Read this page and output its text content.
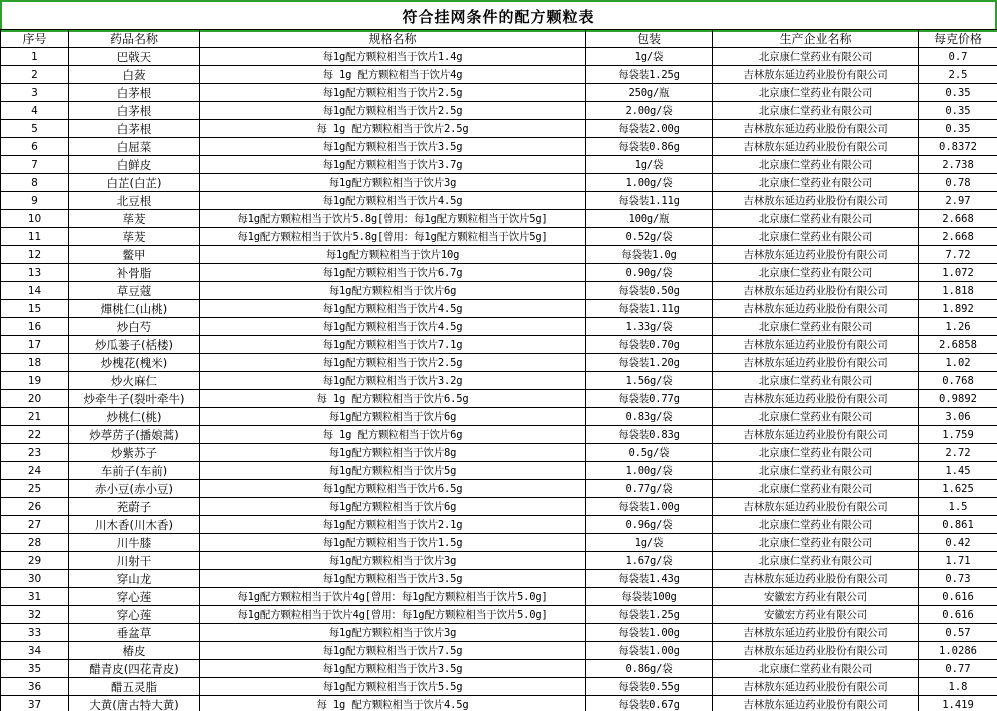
符合挂网条件的配方颗粒表
序号	药品名称	规格名称	包装	生产企业名称	每克价格
1	巴戟天	每1g配方颗粒相当于饮片1.4g	1g/袋	北京康仁堂药业有限公司	0.7
2	白蔹	每 1g 配方颗粒相当于饮片4g	每袋装1.25g	吉林敖东延边药业股份有限公司	2.5
3	白茅根	每1g配方颗粒相当于饮片2.5g	250g/瓶	北京康仁堂药业有限公司	0.35
4	白茅根	每1g配方颗粒相当于饮片2.5g	2.00g/袋	北京康仁堂药业有限公司	0.35
5	白茅根	每 1g 配方颗粒相当于饮片2.5g	每袋装2.00g	吉林敖东延边药业股份有限公司	0.35
6	白屈菜	每1g配方颗粒相当于饮片3.5g	每袋装0.86g	吉林敖东延边药业股份有限公司	0.8372
7	白鲜皮	每1g配方颗粒相当于饮片3.7g	1g/袋	北京康仁堂药业有限公司	2.738
8	白芷(白芷)	每1g配方颗粒相当于饮片3g	1.00g/袋	北京康仁堂药业有限公司	0.78
9	北豆根	每1g配方颗粒相当于饮片4.5g	每袋装1.11g	吉林敖东延边药业股份有限公司	2.97
10	荜茇	每1g配方颗粒相当于饮片5.8g[曾用：每1g配方颗粒相当于饮片5g]	100g/瓶	北京康仁堂药业有限公司	2.668
11	荜茇	每1g配方颗粒相当于饮片5.8g[曾用：每1g配方颗粒相当于饮片5g]	0.52g/袋	北京康仁堂药业有限公司	2.668
12	鳖甲	每1g配方颗粒相当于饮片10g	每袋装1.0g	吉林敖东延边药业股份有限公司	7.72
13	补骨脂	每1g配方颗粒相当于饮片6.7g	0.90g/袋	北京康仁堂药业有限公司	1.072
14	草豆蔻	每1g配方颗粒相当于饮片6g	每袋装0.50g	吉林敖东延边药业股份有限公司	1.818
15	燀桃仁(山桃)	每1g配方颗粒相当于饮片4.5g	每袋装1.11g	吉林敖东延边药业股份有限公司	1.892
16	炒白芍	每1g配方颗粒相当于饮片4.5g	1.33g/袋	北京康仁堂药业有限公司	1.26
17	炒瓜蒌子(栝楼)	每1g配方颗粒相当于饮片7.1g	每袋装0.70g	吉林敖东延边药业股份有限公司	2.6858
18	炒槐花(槐米)	每1g配方颗粒相当于饮片2.5g	每袋装1.20g	吉林敖东延边药业股份有限公司	1.02
19	炒火麻仁	每1g配方颗粒相当于饮片3.2g	1.56g/袋	北京康仁堂药业有限公司	0.768
20	炒牵牛子(裂叶牵牛)	每 1g 配方颗粒相当于饮片6.5g	每袋装0.77g	吉林敖东延边药业股份有限公司	0.9892
21	炒桃仁(桃)	每1g配方颗粒相当于饮片6g	0.83g/袋	北京康仁堂药业有限公司	3.06
22	炒葶苈子(播娘蒿)	每 1g 配方颗粒相当于饮片6g	每袋装0.83g	吉林敖东延边药业股份有限公司	1.759
23	炒紫苏子	每1g配方颗粒相当于饮片8g	0.5g/袋	北京康仁堂药业有限公司	2.72
24	车前子(车前)	每1g配方颗粒相当于饮片5g	1.00g/袋	北京康仁堂药业有限公司	1.45
25	赤小豆(赤小豆)	每1g配方颗粒相当于饮片6.5g	0.77g/袋	北京康仁堂药业有限公司	1.625
26	茺蔚子	每1g配方颗粒相当于饮片6g	每袋装1.00g	吉林敖东延边药业股份有限公司	1.5
27	川木香(川木香)	每1g配方颗粒相当于饮片2.1g	0.96g/袋	北京康仁堂药业有限公司	0.861
28	川牛膝	每1g配方颗粒相当于饮片1.5g	1g/袋	北京康仁堂药业有限公司	0.42
29	川射干	每1g配方颗粒相当于饮片3g	1.67g/袋	北京康仁堂药业有限公司	1.71
30	穿山龙	每1g配方颗粒相当于饮片3.5g	每袋装1.43g	吉林敖东延边药业股份有限公司	0.73
31	穿心莲	每1g配方颗粒相当于饮片4g[曾用：每1g配方颗粒相当于饮片5.0g]	每袋装100g	安徽宏方药业有限公司	0.616
32	穿心莲	每1g配方颗粒相当于饮片4g[曾用：每1g配方颗粒相当于饮片5.0g]	每袋装1.25g	安徽宏方药业有限公司	0.616
33	垂盆草	每1g配方颗粒相当于饮片3g	每袋装1.00g	吉林敖东延边药业股份有限公司	0.57
34	椿皮	每1g配方颗粒相当于饮片7.5g	每袋装1.00g	吉林敖东延边药业股份有限公司	1.0286
35	醋青皮(四花青皮)	每1g配方颗粒相当于饮片3.5g	0.86g/袋	北京康仁堂药业有限公司	0.77
36	醋五灵脂	每1g配方颗粒相当于饮片5.5g	每袋装0.55g	吉林敖东延边药业股份有限公司	1.8
37	大黄(唐古特大黄)	每 1g 配方颗粒相当于饮片4.5g	每袋装0.67g	吉林敖东延边药业股份有限公司	1.419
